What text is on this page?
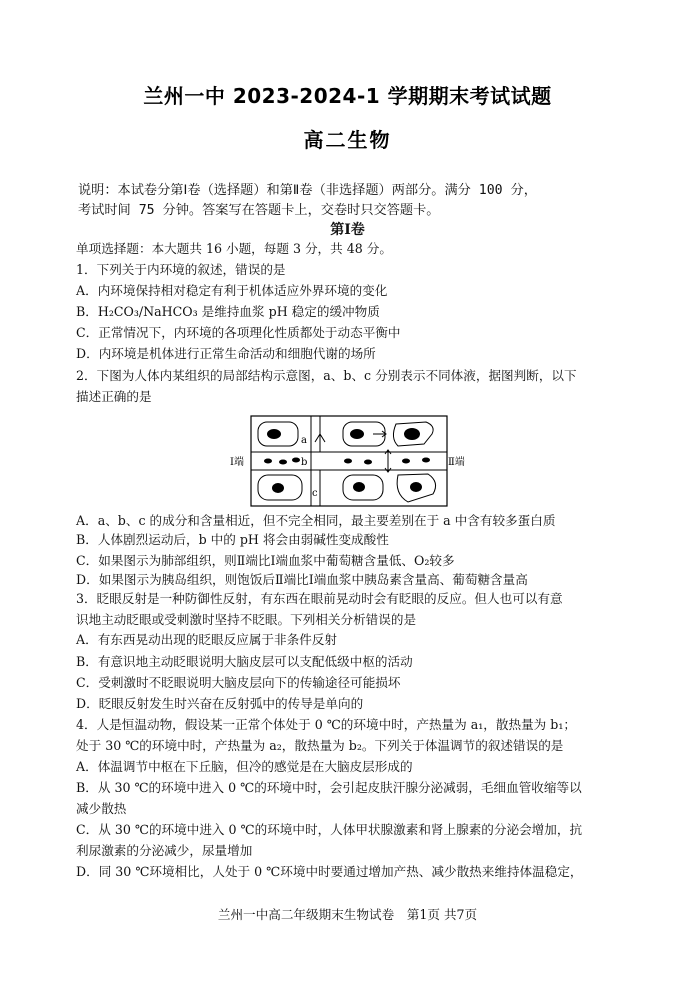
兰州一中 2023-2024-1 学期期末考试试题
高二生物
说明：本试卷分第Ⅰ卷（选择题）和第Ⅱ卷（非选择题）两部分。满分 100 分，
考试时间 75 分钟。答案写在答题卡上，交卷时只交答题卡。
第Ⅰ卷
单项选择题：本大题共 16 小题，每题 3 分，共 48 分。
1．下列关于内环境的叙述，错误的是
A．内环境保持相对稳定有利于机体适应外界环境的变化
B．H₂CO₃/NaHCO₃ 是维持血浆 pH 稳定的缓冲物质
C．正常情况下，内环境的各项理化性质都处于动态平衡中
D．内环境是机体进行正常生命活动和细胞代谢的场所
2．下图为人体内某组织的局部结构示意图，a、b、c 分别表示不同体液，据图判断，以下
描述正确的是
Ⅰ端	Ⅱ端
a
b
c
A．a、b、c 的成分和含量相近，但不完全相同，最主要差别在于 a 中含有较多蛋白质
B．人体剧烈运动后，b 中的 pH 将会由弱碱性变成酸性
C．如果图示为肺部组织，则Ⅱ端比Ⅰ端血浆中葡萄糖含量低、O₂较多
D．如果图示为胰岛组织，则饱饭后Ⅱ端比Ⅰ端血浆中胰岛素含量高、葡萄糖含量高
3．眨眼反射是一种防御性反射，有东西在眼前晃动时会有眨眼的反应。但人也可以有意
识地主动眨眼或受刺激时坚持不眨眼。下列相关分析错误的是
A．有东西晃动出现的眨眼反应属于非条件反射
B．有意识地主动眨眼说明大脑皮层可以支配低级中枢的活动
C．受刺激时不眨眼说明大脑皮层向下的传输途径可能损坏
D．眨眼反射发生时兴奋在反射弧中的传导是单向的
4．人是恒温动物，假设某一正常个体处于 0 ℃的环境中时，产热量为 a₁，散热量为 b₁；
处于 30 ℃的环境中时，产热量为 a₂，散热量为 b₂。下列关于体温调节的叙述错误的是
A．体温调节中枢在下丘脑，但冷的感觉是在大脑皮层形成的
B．从 30 ℃的环境中进入 0 ℃的环境中时，会引起皮肤汗腺分泌减弱，毛细血管收缩等以
减少散热
C．从 30 ℃的环境中进入 0 ℃的环境中时，人体甲状腺激素和肾上腺素的分泌会增加，抗
利尿激素的分泌减少，尿量增加
D．同 30 ℃环境相比，人处于 0 ℃环境中时要通过增加产热、减少散热来维持体温稳定，
兰州一中高二年级期末生物试卷　第1页 共7页
